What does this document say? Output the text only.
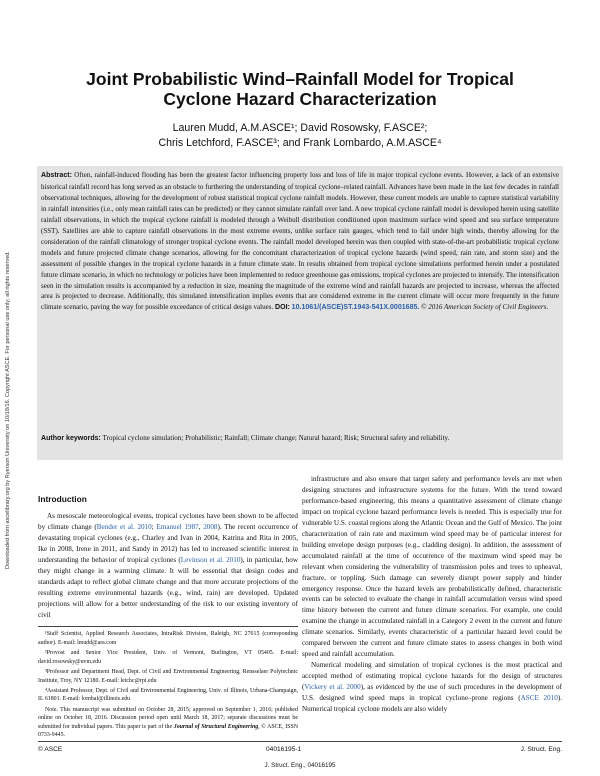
Downloaded from ascelibrary.org by Ryerson University on 10/18/16. Copyright ASCE. For personal use only; all rights reserved.
Joint Probabilistic Wind–Rainfall Model for Tropical
Cyclone Hazard Characterization
Lauren Mudd, A.M.ASCE¹; David Rosowsky, F.ASCE²;
Chris Letchford, F.ASCE³; and Frank Lombardo, A.M.ASCE⁴
Abstract: Often, rainfall-induced flooding has been the greatest factor influencing property loss and loss of life in major tropical cyclone events. However, a lack of an extensive historical rainfall record has long served as an obstacle to furthering the understanding of tropical cyclone–related rainfall. Advances have been made in the last few decades in rainfall observational techniques, allowing for the development of robust statistical tropical cyclone rainfall models. However, these current models are unable to capture statistical variability in rainfall intensities (i.e., only mean rainfall rates can be predicted) or they cannot simulate rainfall over land. A new tropical cyclone rainfall model is developed herein using satellite rainfall observations, in which the tropical cyclone rainfall is modeled through a Weibull distribution conditioned upon maximum surface wind speed and sea surface temperature (SST). Satellites are able to capture rainfall observations in the most extreme events, unlike surface rain gauges, which tend to fail under high winds, thereby allowing for the consideration of the rainfall climatology of stronger tropical cyclone events. The rainfall model developed herein was then coupled with state-of-the-art probabilistic tropical cyclone models and future projected climate change scenarios, allowing for the concomitant characterization of tropical cyclone hazards (wind speed, rain rate, and storm size) and the assessment of possible changes in the tropical cyclone hazards in a future climate state. In results obtained from tropical cyclone simulations performed herein under a postulated future climate scenario, in which no technology or policies have been implemented to reduce greenhouse gas emissions, tropical cyclones are projected to intensify. The intensification seen in the simulation results is accompanied by a reduction in size, meaning the magnitude of the extreme wind and rainfall hazards are projected to increase, whereas the affected area is projected to decrease. Additionally, this simulated intensification implies events that are considered extreme in the current climate will occur more frequently in the future climate scenario, paving the way for possible exceedance of critical design values. DOI: 10.1061/(ASCE)ST.1943-541X.0001685. © 2016 American Society of Civil Engineers.
Author keywords: Tropical cyclone simulation; Probabilistic; Rainfall; Climate change; Natural hazard; Risk; Structural safety and reliability.
Introduction
As mesoscale meteorological events, tropical cyclones have been shown to be affected by climate change (Bender et al. 2010; Emanuel 1987, 2008). The recent occurrence of devastating tropical cyclones (e.g., Charley and Ivan in 2004, Katrina and Rita in 2005, Ike in 2008, Irene in 2011, and Sandy in 2012) has led to increased scientific interest in understanding the behavior of tropical cyclones (Levinson et al. 2010), in particular, how they might change in a warming climate. It will be essential that design codes and standards adapt to reflect global climate change and that more accurate projections of the resulting extreme environmental hazards (e.g., wind, rain) are developed. Updated projections will allow for a better understanding of the risk to our existing inventory of civil
¹Staff Scientist, Applied Research Associates, IntraRisk Division, Raleigh, NC 27615 (corresponding author). E-mail: lmudd@ara.com
²Provost and Senior Vice President, Univ. of Vermont, Burlington, VT 05405. E-mail: david.rosowsky@uvm.edu
³Professor and Department Head, Dept. of Civil and Environmental Engineering, Rensselaer Polytechnic Institute, Troy, NY 12180. E-mail: letchc@rpi.edu
⁴Assistant Professor, Dept. of Civil and Environmental Engineering, Univ. of Illinois, Urbana-Champaign, IL 61801. E-mail: lombaf@illinois.edu
Note. This manuscript was submitted on October 28, 2015; approved on September 1, 2016; published online on October 18, 2016. Discussion period open until March 18, 2017; separate discussions must be submitted for individual papers. This paper is part of the Journal of Structural Engineering, © ASCE, ISSN 0733-9445.
infrastructure and also ensure that target safety and performance levels are met when designing structures and infrastructure systems for the future. With the trend toward performance-based engineering, this means a quantitative assessment of climate change impact on tropical cyclone hazard performance levels is needed. This is especially true for vulnerable U.S. coastal regions along the Atlantic Ocean and the Gulf of Mexico. The joint characterization of rain rate and maximum wind speed may be of particular interest for building envelope design purposes (e.g., cladding design). In addition, the assessment of accumulated rainfall at the time of occurrence of the maximum wind speed may be relevant when considering the vulnerability of transmission poles and trees to upheaval, fracture, or toppling. Such damage can severely disrupt power supply and hinder emergency response. Once the hazard levels are probabilistically defined, characteristic events can be selected to evaluate the change in rainfall accumulation versus wind speed time history between the current and future climate scenarios. For example, one could examine the change in accumulated rainfall in a Category 2 event in the current and future climate scenarios. Similarly, events characteristic of a particular hazard level could be compared between the current and future climate states to assess changes in both wind speed and rainfall accumulation.
Numerical modeling and simulation of tropical cyclones is the most practical and accepted method of estimating tropical cyclone hazards for the design of structures (Vickery et al. 2000), as evidenced by the use of such procedures in the development of U.S. designed wind speed maps in tropical cyclone–prone regions (ASCE 2010). Numerical tropical cyclone models are also widely
© ASCE	04016195-1	J. Struct. Eng.
J. Struct. Eng., 04016195
